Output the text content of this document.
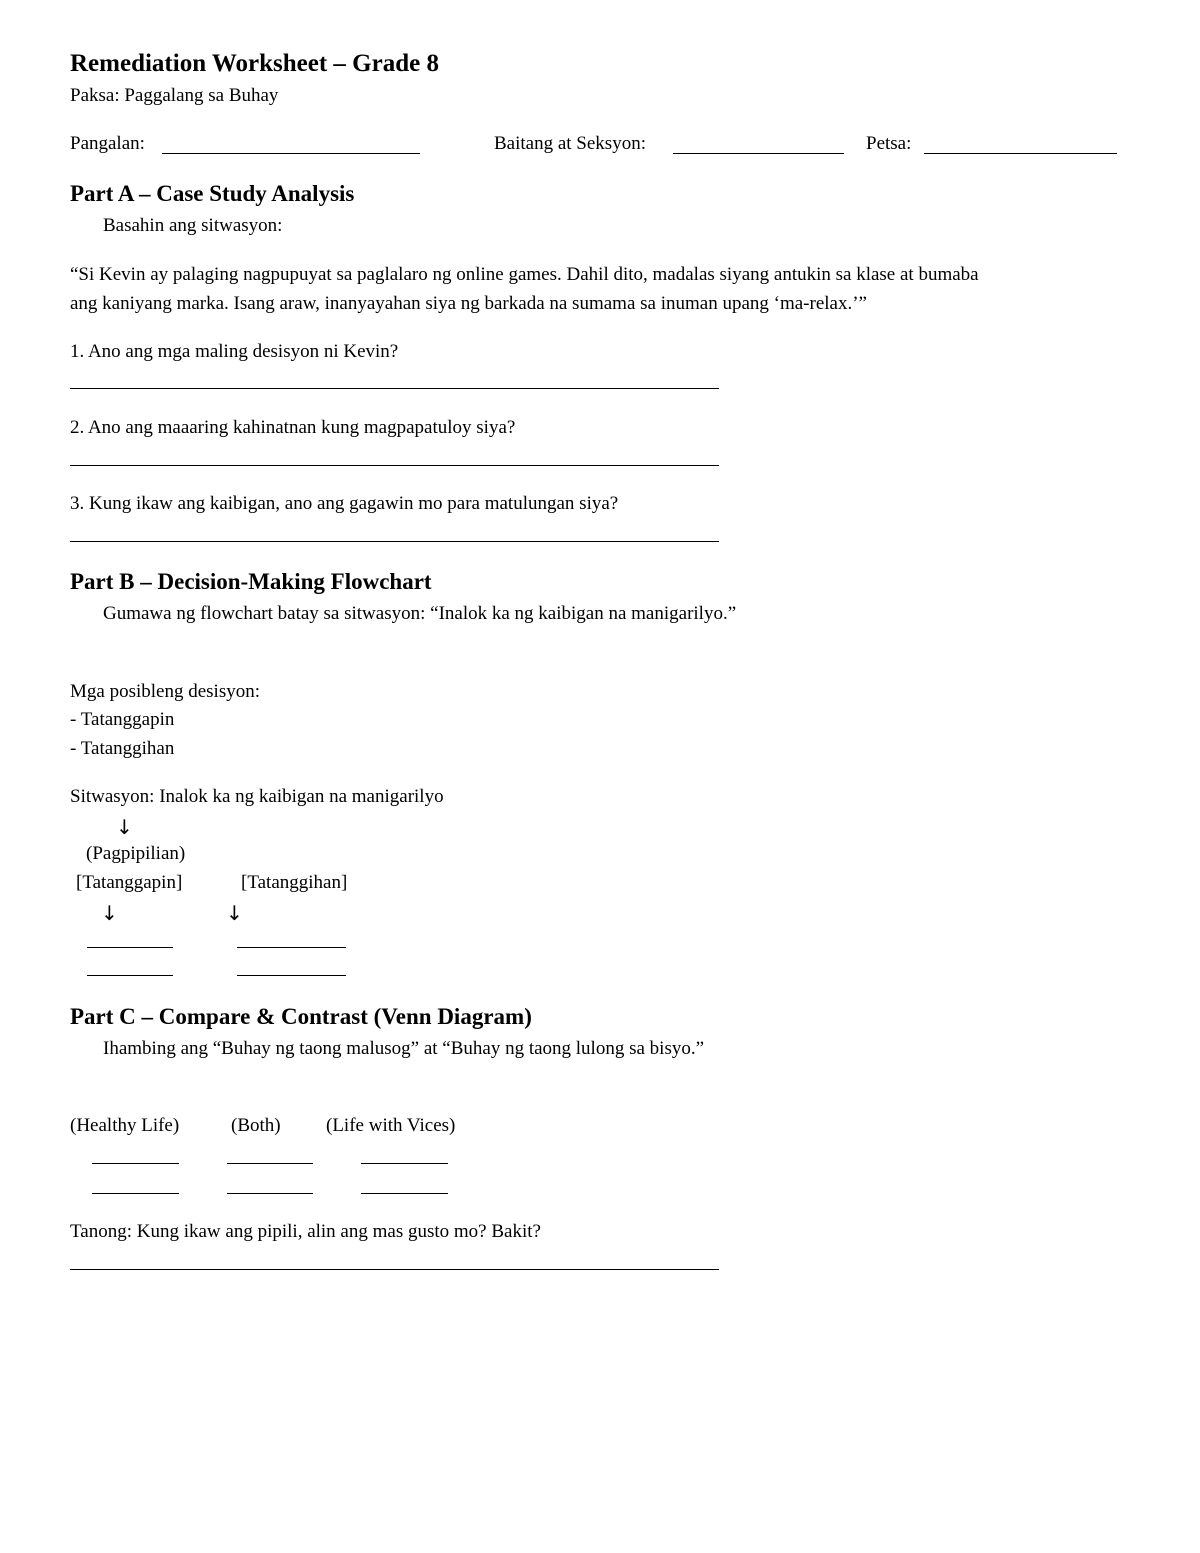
Remediation Worksheet – Grade 8
Paksa: Paggalang sa Buhay
Pangalan:	Baitang at Seksyon:	Petsa:
Part A – Case Study Analysis
Basahin ang sitwasyon:
“Si Kevin ay palaging nagpupuyat sa paglalaro ng online games. Dahil dito, madalas siyang antukin sa klase at bumaba
ang kaniyang marka. Isang araw, inanyayahan siya ng barkada na sumama sa inuman upang ‘ma-relax.’”
1. Ano ang mga maling desisyon ni Kevin?
2. Ano ang maaaring kahinatnan kung magpapatuloy siya?
3. Kung ikaw ang kaibigan, ano ang gagawin mo para matulungan siya?
Part B – Decision-Making Flowchart
Gumawa ng flowchart batay sa sitwasyon: “Inalok ka ng kaibigan na manigarilyo.”
Mga posibleng desisyon:
- Tatanggapin
- Tatanggihan
Sitwasyon: Inalok ka ng kaibigan na manigarilyo
↓
(Pagpipilian)
[Tatanggapin]	[Tatanggihan]
↓	↓
Part C – Compare & Contrast (Venn Diagram)
Ihambing ang “Buhay ng taong malusog” at “Buhay ng taong lulong sa bisyo.”
(Healthy Life)	(Both) (Life with Vices)
Tanong: Kung ikaw ang pipili, alin ang mas gusto mo? Bakit?
